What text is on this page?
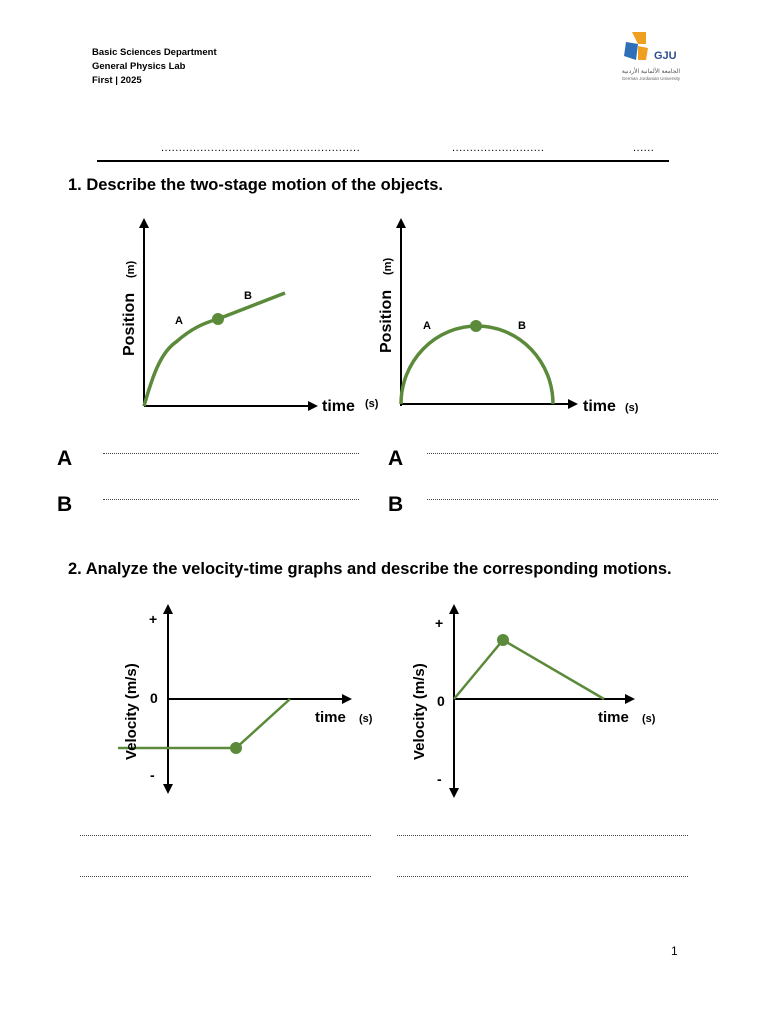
Basic Sciences Department
General Physics Lab
First | 2025
GJU
الجامعة الألمانية الأردنية
German Jordanian University
........................................................	..........................	......
1. Describe the two-stage motion of the objects.
A
B
Position
(m)
time (s)
A	B
Position
(m)
time (s)
A
B
A
B
2. Analyze the velocity-time graphs and describe the corresponding motions.
+
0
-
Velocity (m/s)	time (s)
+
0
-
Velocity (m/s)	time (s)
1
